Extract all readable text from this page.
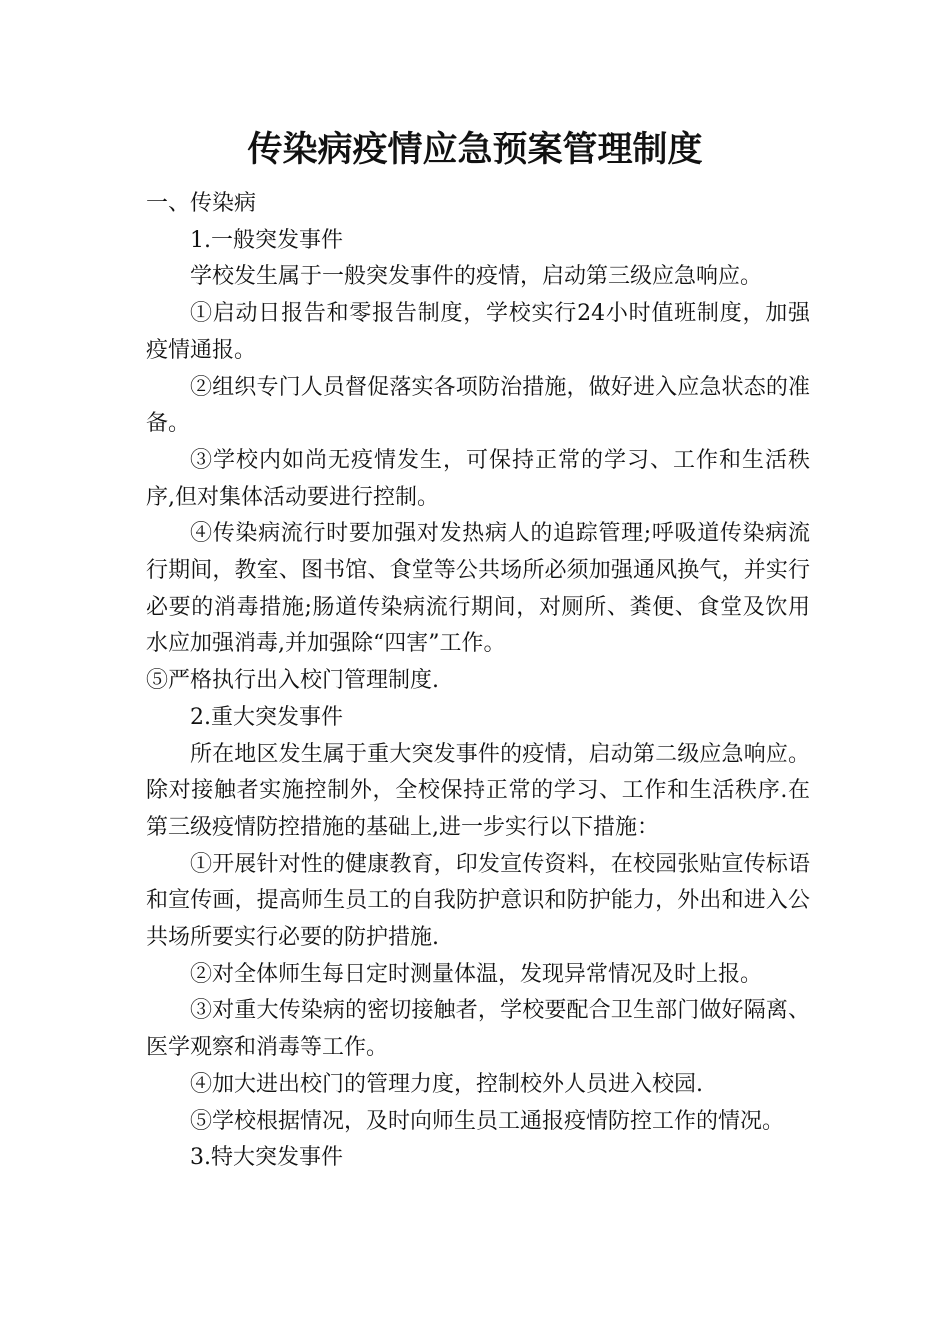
传染病疫情应急预案管理制度

一、传染病

1.一般突发事件

学校发生属于一般突发事件的疫情，启动第三级应急响应。

①启动日报告和零报告制度，学校实行24小时值班制度，加强疫情通报。

②组织专门人员督促落实各项防治措施，做好进入应急状态的准备。

③学校内如尚无疫情发生，可保持正常的学习、工作和生活秩序,但对集体活动要进行控制。

④传染病流行时要加强对发热病人的追踪管理;呼吸道传染病流行期间，教室、图书馆、食堂等公共场所必须加强通风换气，并实行必要的消毒措施;肠道传染病流行期间，对厕所、粪便、食堂及饮用水应加强消毒,并加强除“四害”工作。

⑤严格执行出入校门管理制度.

2.重大突发事件

所在地区发生属于重大突发事件的疫情，启动第二级应急响应。除对接触者实施控制外，全校保持正常的学习、工作和生活秩序.在第三级疫情防控措施的基础上,进一步实行以下措施：

①开展针对性的健康教育，印发宣传资料，在校园张贴宣传标语和宣传画，提高师生员工的自我防护意识和防护能力，外出和进入公共场所要实行必要的防护措施.

②对全体师生每日定时测量体温，发现异常情况及时上报。

③对重大传染病的密切接触者，学校要配合卫生部门做好隔离、医学观察和消毒等工作。

④加大进出校门的管理力度，控制校外人员进入校园.

⑤学校根据情况，及时向师生员工通报疫情防控工作的情况。

3.特大突发事件
